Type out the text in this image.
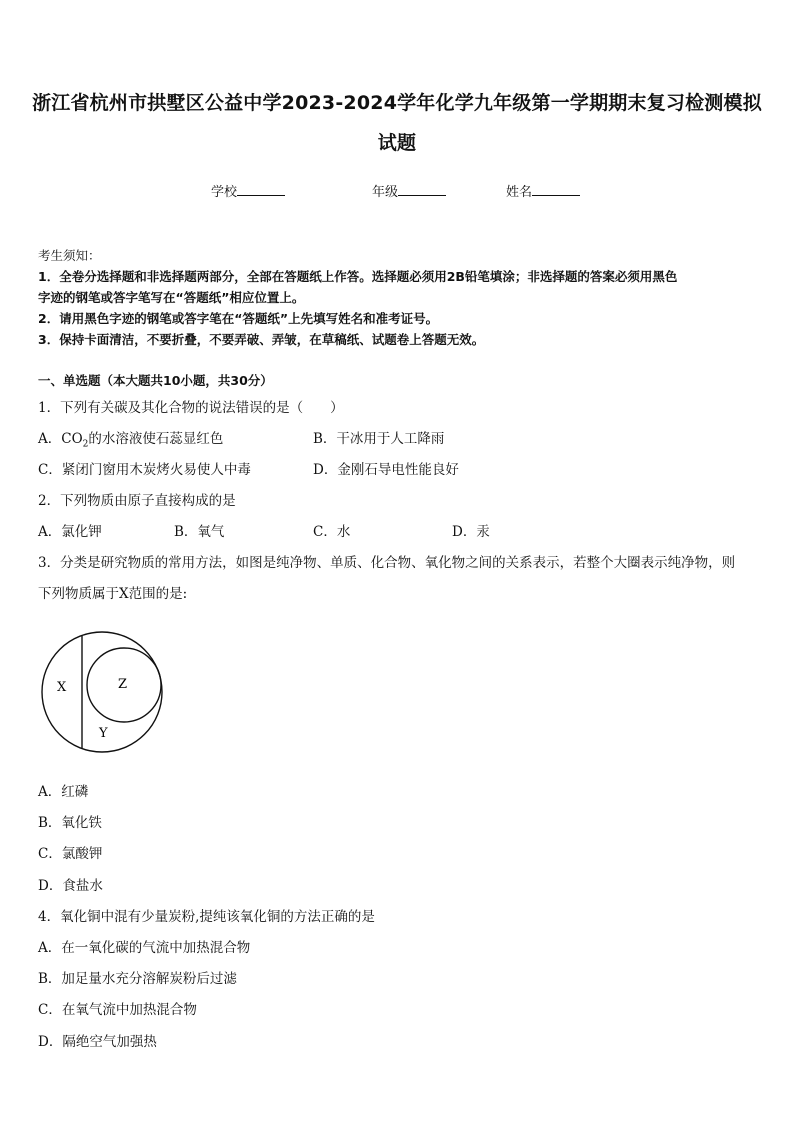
浙江省杭州市拱墅区公益中学2023-2024学年化学九年级第一学期期末复习检测模拟
试题
学校	年级	姓名
考生须知：
1．全卷分选择题和非选择题两部分，全部在答题纸上作答。选择题必须用2B铅笔填涂；非选择题的答案必须用黑色
字迹的钢笔或答字笔写在“答题纸”相应位置上。
2．请用黑色字迹的钢笔或答字笔在“答题纸”上先填写姓名和准考证号。
3．保持卡面清洁，不要折叠，不要弄破、弄皱，在草稿纸、试题卷上答题无效。
一、单选题（本大题共10小题，共30分）
1．下列有关碳及其化合物的说法错误的是（　　）
A．$CO_2$的水溶液使石蕊显红色	B．干冰用于人工降雨
C．紧闭门窗用木炭烤火易使人中毒	D．金刚石导电性能良好
2．下列物质由原子直接构成的是
A．氯化钾	B．氧气	C．水	D．汞
3．分类是研究物质的常用方法，如图是纯净物、单质、化合物、氧化物之间的关系表示，若整个大圈表示纯净物，则
下列物质属于X范围的是:
X	Z
Y
A．红磷
B．氧化铁
C．氯酸钾
D．食盐水
4．氧化铜中混有少量炭粉,提纯该氧化铜的方法正确的是
A．在一氧化碳的气流中加热混合物
B．加足量水充分溶解炭粉后过滤
C．在氧气流中加热混合物
D．隔绝空气加强热
